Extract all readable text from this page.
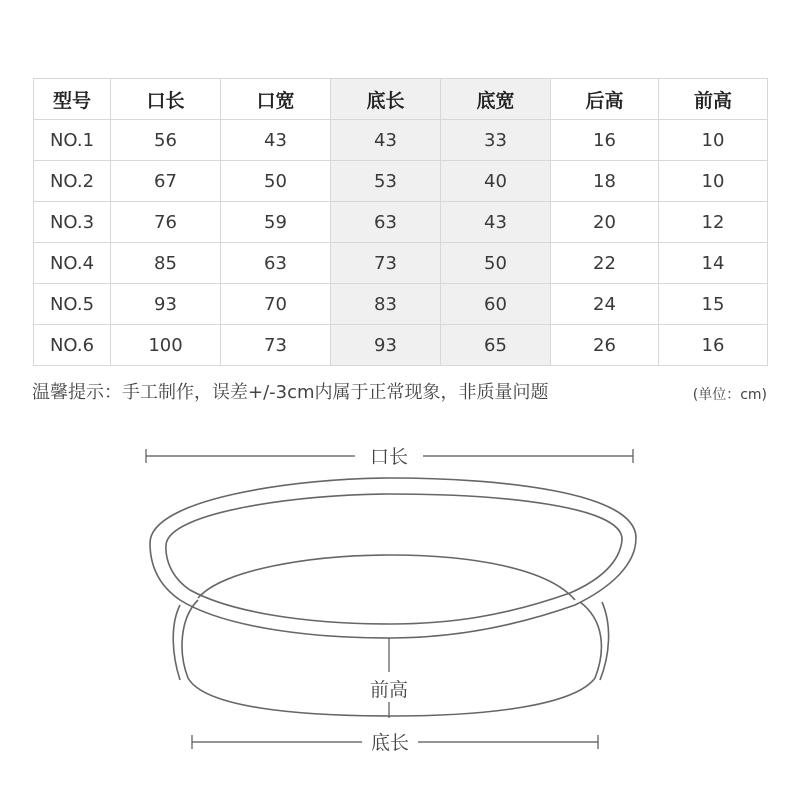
型号	口长	口宽	底长	底宽	后高	前高
NO.1	56	43	43	33	16	10
NO.2	67	50	53	40	18	10
NO.3	76	59	63	43	20	12
NO.4	85	63	73	50	22	14
NO.5	93	70	83	60	24	15
NO.6	100	73	93	65	26	16
温馨提示：手工制作，误差+/-3cm内属于正常现象，非质量问题	(单位：cm)
口长
前高
底长
